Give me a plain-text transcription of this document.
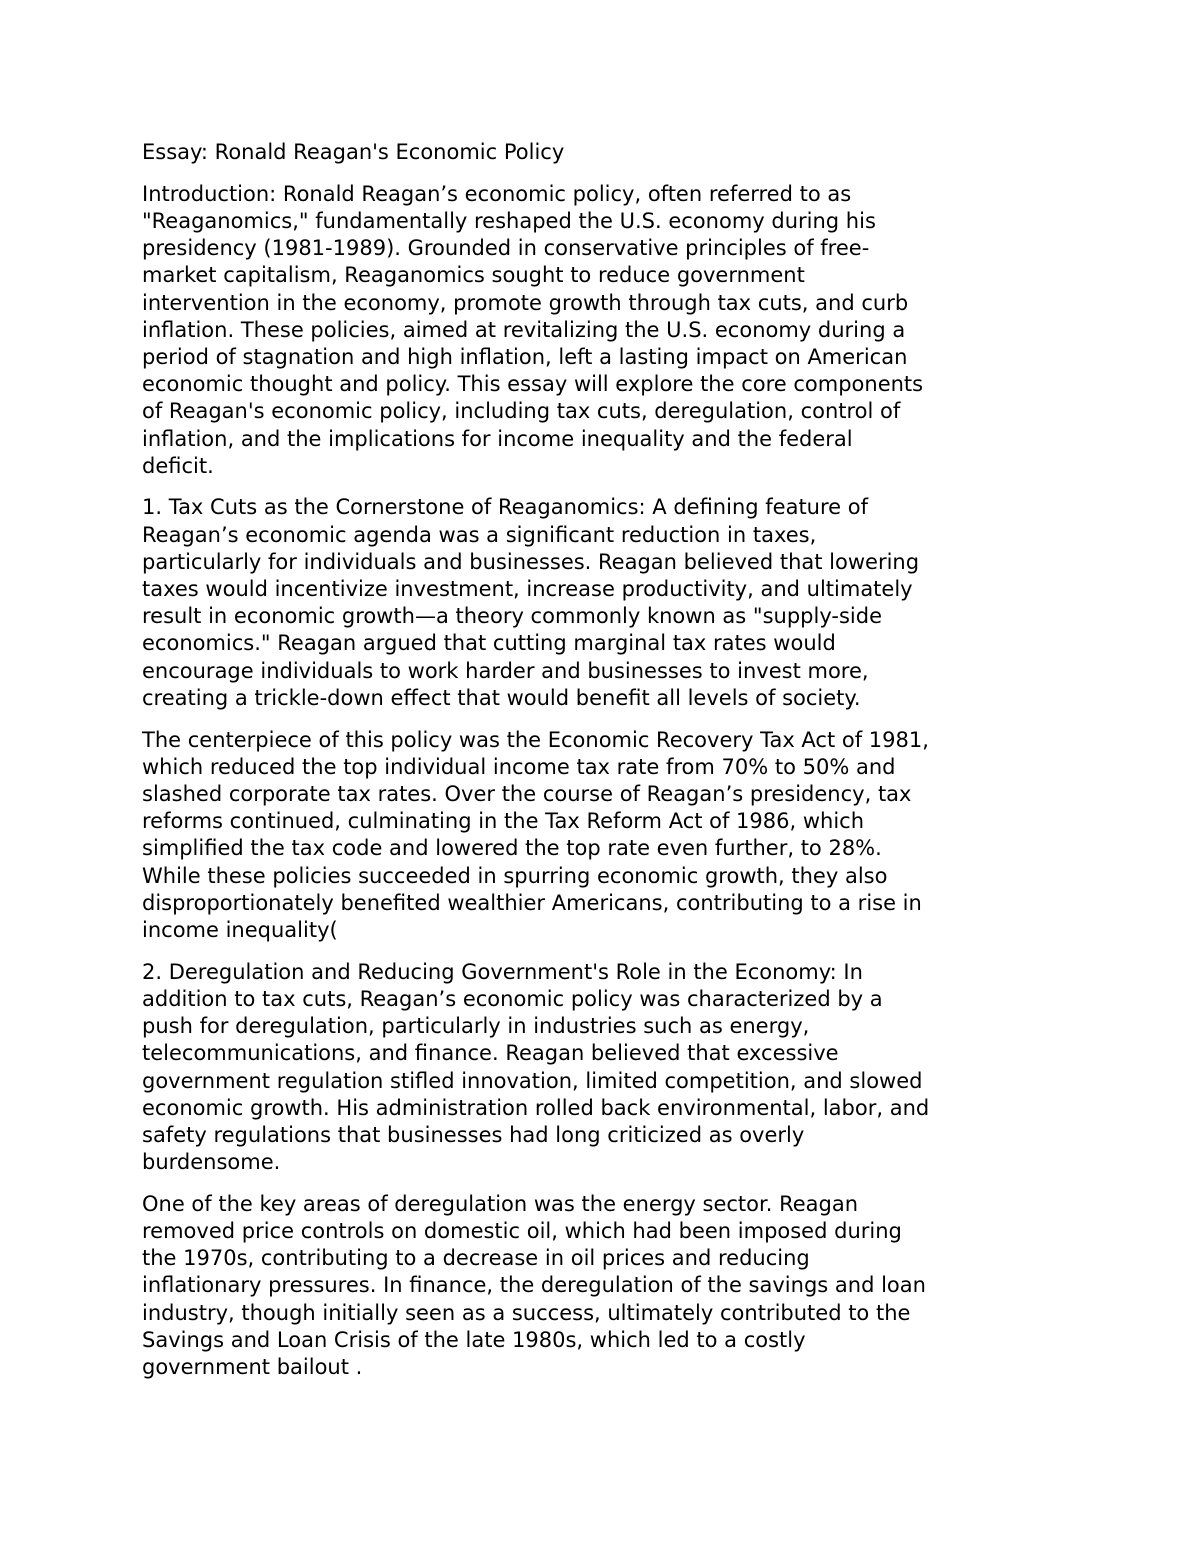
Essay: Ronald Reagan's Economic Policy

Introduction: Ronald Reagan’s economic policy, often referred to as
"Reaganomics," fundamentally reshaped the U.S. economy during his
presidency (1981-1989). Grounded in conservative principles of free-
market capitalism, Reaganomics sought to reduce government
intervention in the economy, promote growth through tax cuts, and curb
inflation. These policies, aimed at revitalizing the U.S. economy during a
period of stagnation and high inflation, left a lasting impact on American
economic thought and policy. This essay will explore the core components
of Reagan's economic policy, including tax cuts, deregulation, control of
inflation, and the implications for income inequality and the federal
deficit.

1. Tax Cuts as the Cornerstone of Reaganomics: A defining feature of
Reagan’s economic agenda was a significant reduction in taxes,
particularly for individuals and businesses. Reagan believed that lowering
taxes would incentivize investment, increase productivity, and ultimately
result in economic growth—a theory commonly known as "supply-side
economics." Reagan argued that cutting marginal tax rates would
encourage individuals to work harder and businesses to invest more,
creating a trickle-down effect that would benefit all levels of society.

The centerpiece of this policy was the Economic Recovery Tax Act of 1981,
which reduced the top individual income tax rate from 70% to 50% and
slashed corporate tax rates. Over the course of Reagan’s presidency, tax
reforms continued, culminating in the Tax Reform Act of 1986, which
simplified the tax code and lowered the top rate even further, to 28%.
While these policies succeeded in spurring economic growth, they also
disproportionately benefited wealthier Americans, contributing to a rise in
income inequality(

2. Deregulation and Reducing Government's Role in the Economy: In
addition to tax cuts, Reagan’s economic policy was characterized by a
push for deregulation, particularly in industries such as energy,
telecommunications, and finance. Reagan believed that excessive
government regulation stifled innovation, limited competition, and slowed
economic growth. His administration rolled back environmental, labor, and
safety regulations that businesses had long criticized as overly
burdensome.

One of the key areas of deregulation was the energy sector. Reagan
removed price controls on domestic oil, which had been imposed during
the 1970s, contributing to a decrease in oil prices and reducing
inflationary pressures. In finance, the deregulation of the savings and loan
industry, though initially seen as a success, ultimately contributed to the
Savings and Loan Crisis of the late 1980s, which led to a costly
government bailout .
